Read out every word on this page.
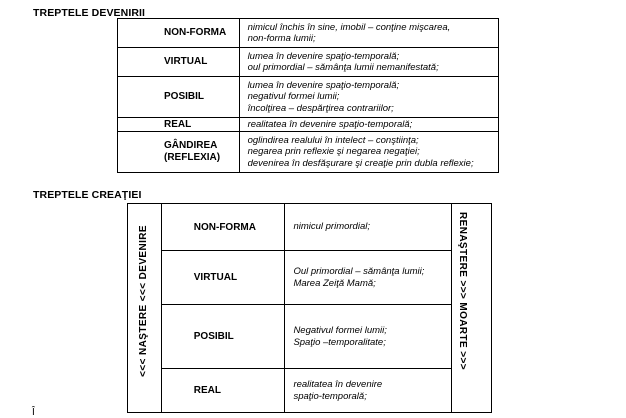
TREPTELE DEVENIRII
NON-FORMA	nimicul închis în sine, imobil – conţine mişcarea,
non-forma lumii;

VIRTUAL	lumea în devenire spaţio-temporală;
oul primordial – sămânţa lumii nemanifestată;

POSIBIL	lumea în devenire spaţio-temporală;
negativul formei lumii;
încolţirea – despărţirea contrariilor;

REAL	realitatea în devenire spaţio-temporală;

GÂNDIREA
(REFLEXIA)	oglindirea realului în intelect – conştiinţa;
negarea prin reflexie şi negarea negaţiei;
devenirea în desfăşurare şi creaţie prin dubla reflexie;
TREPTELE CREAŢIEI
	NON-FORMA	nimicul primordial;	

	VIRTUAL	Oul primordial – sămânţa lumii;
Marea Zeiţă Mamă;	

	POSIBIL	Negativul formei lumii;
Spaţio –temporalitate;	

	REAL	realitatea în devenire
spaţio-temporală;	
<<< NAŞTERE <<< DEVENIRE	RENAŞTERE >>> MOARTE >>>
Î
